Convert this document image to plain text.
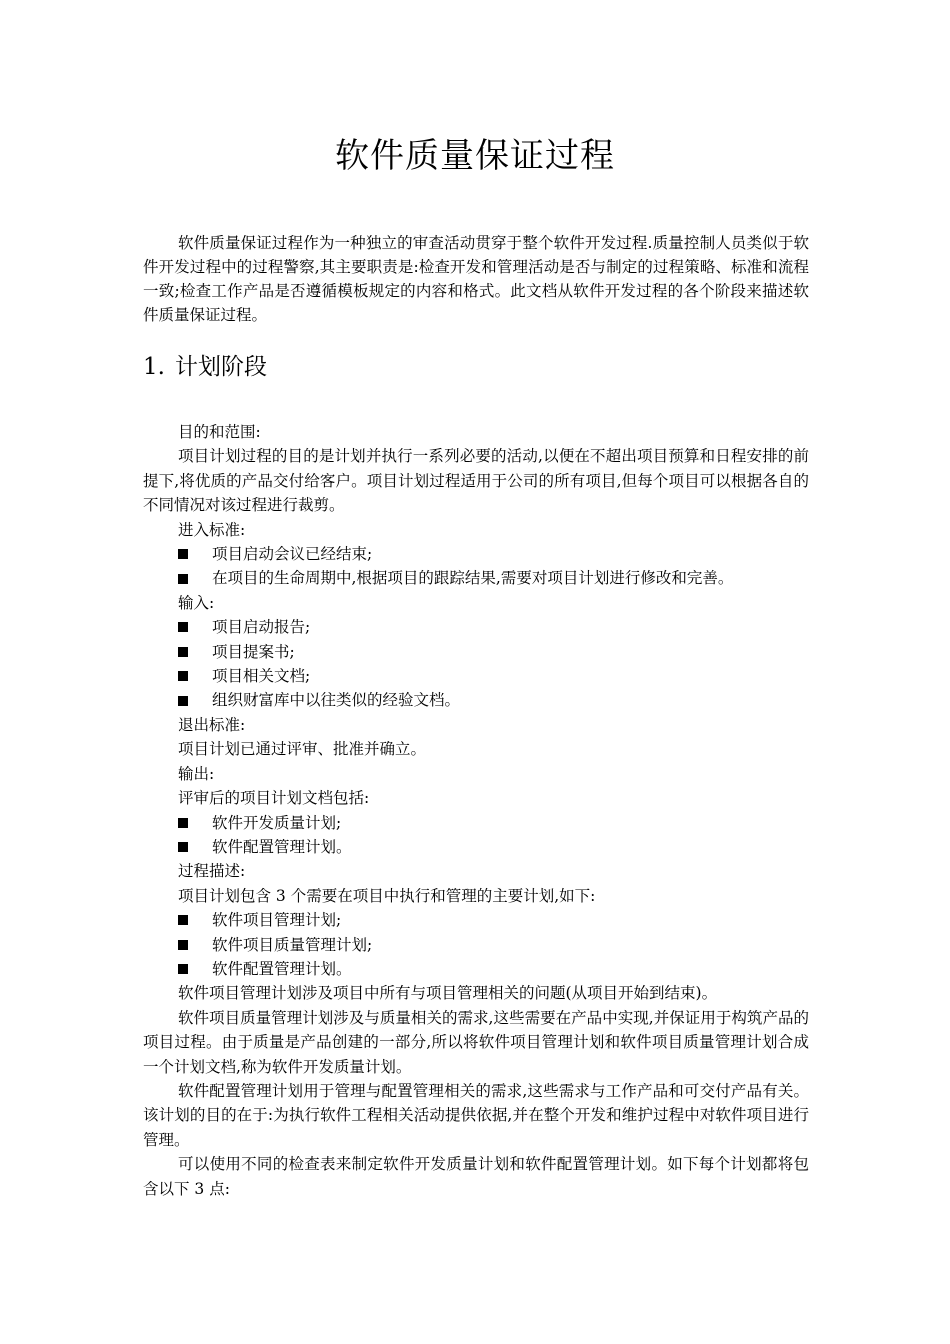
软件质量保证过程

软件质量保证过程作为一种独立的审查活动贯穿于整个软件开发过程.质量控制人员类似于软件开发过程中的过程警察,其主要职责是:检查开发和管理活动是否与制定的过程策略、标准和流程一致;检查工作产品是否遵循模板规定的内容和格式。此文档从软件开发过程的各个阶段来描述软件质量保证过程。

1. 计划阶段

目的和范围:

项目计划过程的目的是计划并执行一系列必要的活动,以便在不超出项目预算和日程安排的前提下,将优质的产品交付给客户。项目计划过程适用于公司的所有项目,但每个项目可以根据各自的不同情况对该过程进行裁剪。

进入标准:

项目启动会议已经结束;
在项目的生命周期中,根据项目的跟踪结果,需要对项目计划进行修改和完善。

输入:

项目启动报告;
项目提案书;
项目相关文档;
组织财富库中以往类似的经验文档。

退出标准:

项目计划已通过评审、批准并确立。

输出:

评审后的项目计划文档包括:

软件开发质量计划;
软件配置管理计划。

过程描述:

项目计划包含 3 个需要在项目中执行和管理的主要计划,如下:

软件项目管理计划;
软件项目质量管理计划;
软件配置管理计划。

软件项目管理计划涉及项目中所有与项目管理相关的问题(从项目开始到结束)。

软件项目质量管理计划涉及与质量相关的需求,这些需要在产品中实现,并保证用于构筑产品的项目过程。由于质量是产品创建的一部分,所以将软件项目管理计划和软件项目质量管理计划合成一个计划文档,称为软件开发质量计划。

软件配置管理计划用于管理与配置管理相关的需求,这些需求与工作产品和可交付产品有关。该计划的目的在于:为执行软件工程相关活动提供依据,并在整个开发和维护过程中对软件项目进行管理。

可以使用不同的检查表来制定软件开发质量计划和软件配置管理计划。如下每个计划都将包含以下 3 点:
